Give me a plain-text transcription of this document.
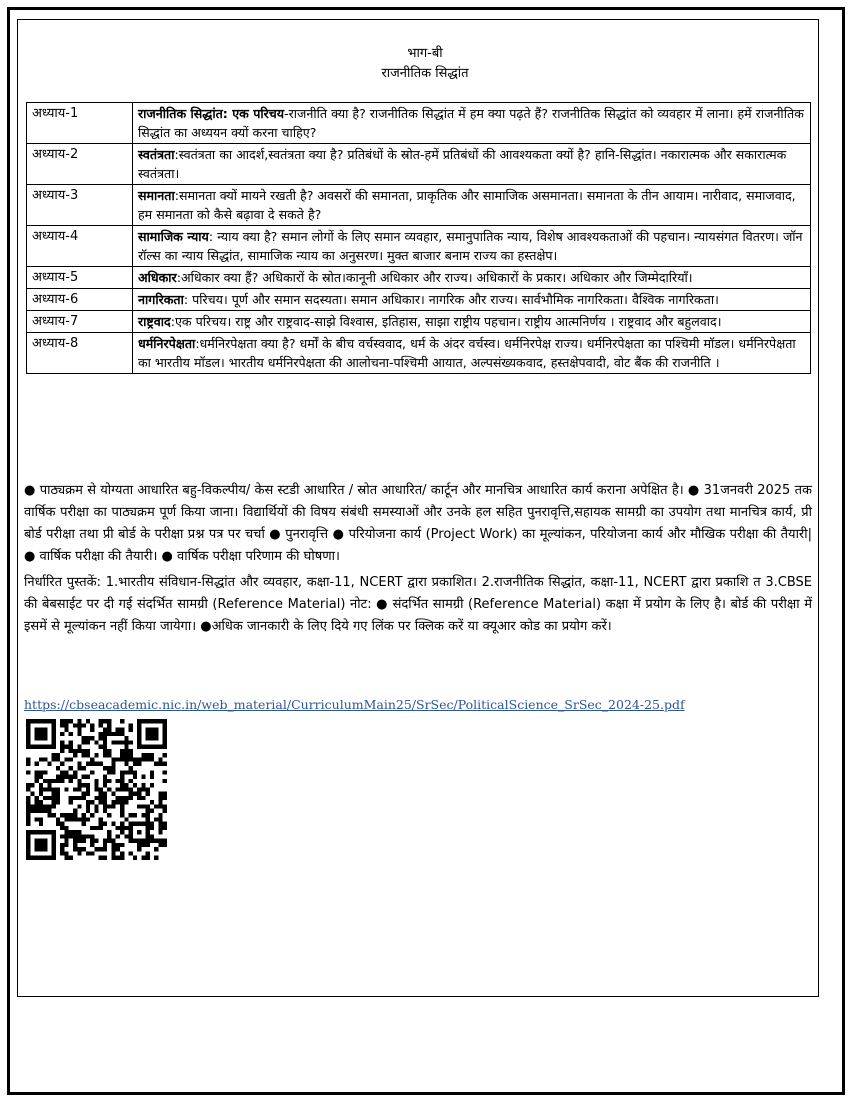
भाग-बी
राजनीतिक सिद्धांत
अध्याय-1	राजनीतिक सिद्धांत: एक परिचय-राजनीति क्या है? राजनीतिक सिद्धांत में हम क्या पढ़ते हैं? राजनीतिक सिद्धांत को व्यवहार में लाना। हमें राजनीतिक सिद्धांत का अध्ययन क्यों करना चाहिए?
अध्याय-2	स्वतंत्रता:स्वतंत्रता का आदर्श,स्वतंत्रता क्या है? प्रतिबंधों के स्रोत-हमें प्रतिबंधों की आवश्यकता क्यों है? हानि-सिद्धांत। नकारात्मक और सकारात्मक स्वतंत्रता।
अध्याय-3	समानता:समानता क्यों मायने रखती है? अवसरों की समानता, प्राकृतिक और सामाजिक असमानता। समानता के तीन आयाम। नारीवाद, समाजवाद, हम समानता को कैसे बढ़ावा दे सकते है?
अध्याय-4	सामाजिक न्याय: न्याय क्या है? समान लोगों के लिए समान व्यवहार, समानुपातिक न्याय, विशेष आवश्यकताओं की पहचान। न्यायसंगत वितरण। जॉन रॉल्स का न्याय सिद्धांत, सामाजिक न्याय का अनुसरण। मुक्त बाजार बनाम राज्य का हस्तक्षेप।
अध्याय-5	अधिकार:अधिकार क्या हैं? अधिकारों के स्रोत।कानूनी अधिकार और राज्य। अधिकारों के प्रकार। अधिकार और जिम्मेदारियाँ।
अध्याय-6	नागरिकता: परिचय। पूर्ण और समान सदस्यता। समान अधिकार। नागरिक और राज्य। सार्वभौमिक नागरिकता। वैश्विक नागरिकता।
अध्याय-7	राष्ट्रवाद:एक परिचय। राष्ट्र और राष्ट्रवाद-साझे विश्वास, इतिहास, साझा राष्ट्रीय पहचान। राष्ट्रीय आत्मनिर्णय । राष्ट्रवाद और बहुलवाद।
अध्याय-8	धर्मनिरपेक्षता:धर्मनिरपेक्षता क्या है? धर्मों के बीच वर्चस्ववाद, धर्म के अंदर वर्चस्व। धर्मनिरपेक्ष राज्य। धर्मनिरपेक्षता का पश्चिमी मॉडल। धर्मनिरपेक्षता का भारतीय मॉडल। भारतीय धर्मनिरपेक्षता की आलोचना-पश्चिमी आयात, अल्पसंख्यकवाद, हस्तक्षेपवादी, वोट बैंक की राजनीति ।

● पाठ्यक्रम से योग्यता आधारित बहु-विकल्पीय/ केस स्टडी आधारित / स्रोत आधारित/ कार्टून और मानचित्र आधारित कार्य कराना अपेक्षित है। ● 31जनवरी 2025 तक वार्षिक परीक्षा का पाठ्यक्रम पूर्ण किया जाना। विद्यार्थियों की विषय संबंधी समस्याओं और उनके हल सहित पुनरावृत्ति,सहायक सामग्री का उपयोग तथा मानचित्र कार्य, प्री बोर्ड परीक्षा तथा प्री बोर्ड के परीक्षा प्रश्न पत्र पर चर्चा ● पुनरावृत्ति ● परियोजना कार्य (Project Work) का मूल्यांकन, परियोजना कार्य और मौखिक परीक्षा की तैयारी| ● वार्षिक परीक्षा की तैयारी। ● वार्षिक परीक्षा परिणाम की घोषणा।

निर्धारित पुस्तकें: 1.भारतीय संविधान-सिद्धांत और व्यवहार, कक्षा-11, NCERT द्वारा प्रकाशित। 2.राजनीतिक सिद्धांत, कक्षा-11, NCERT द्वारा प्रकाशि त 3.CBSE की बेबसाईट पर दी गई संदर्भित सामग्री (Reference Material) नोट: ● संदर्भित सामग्री (Reference Material) कक्षा में प्रयोग के लिए है। बोर्ड की परीक्षा में इसमें से मूल्यांकन नहीं किया जायेगा। ●अधिक जानकारी के लिए दिये गए लिंक पर क्लिक करें या क्यूआर कोड का प्रयोग करें।

https://cbseacademic.nic.in/web_material/CurriculumMain25/SrSec/PoliticalScience_SrSec_2024-25.pdf
